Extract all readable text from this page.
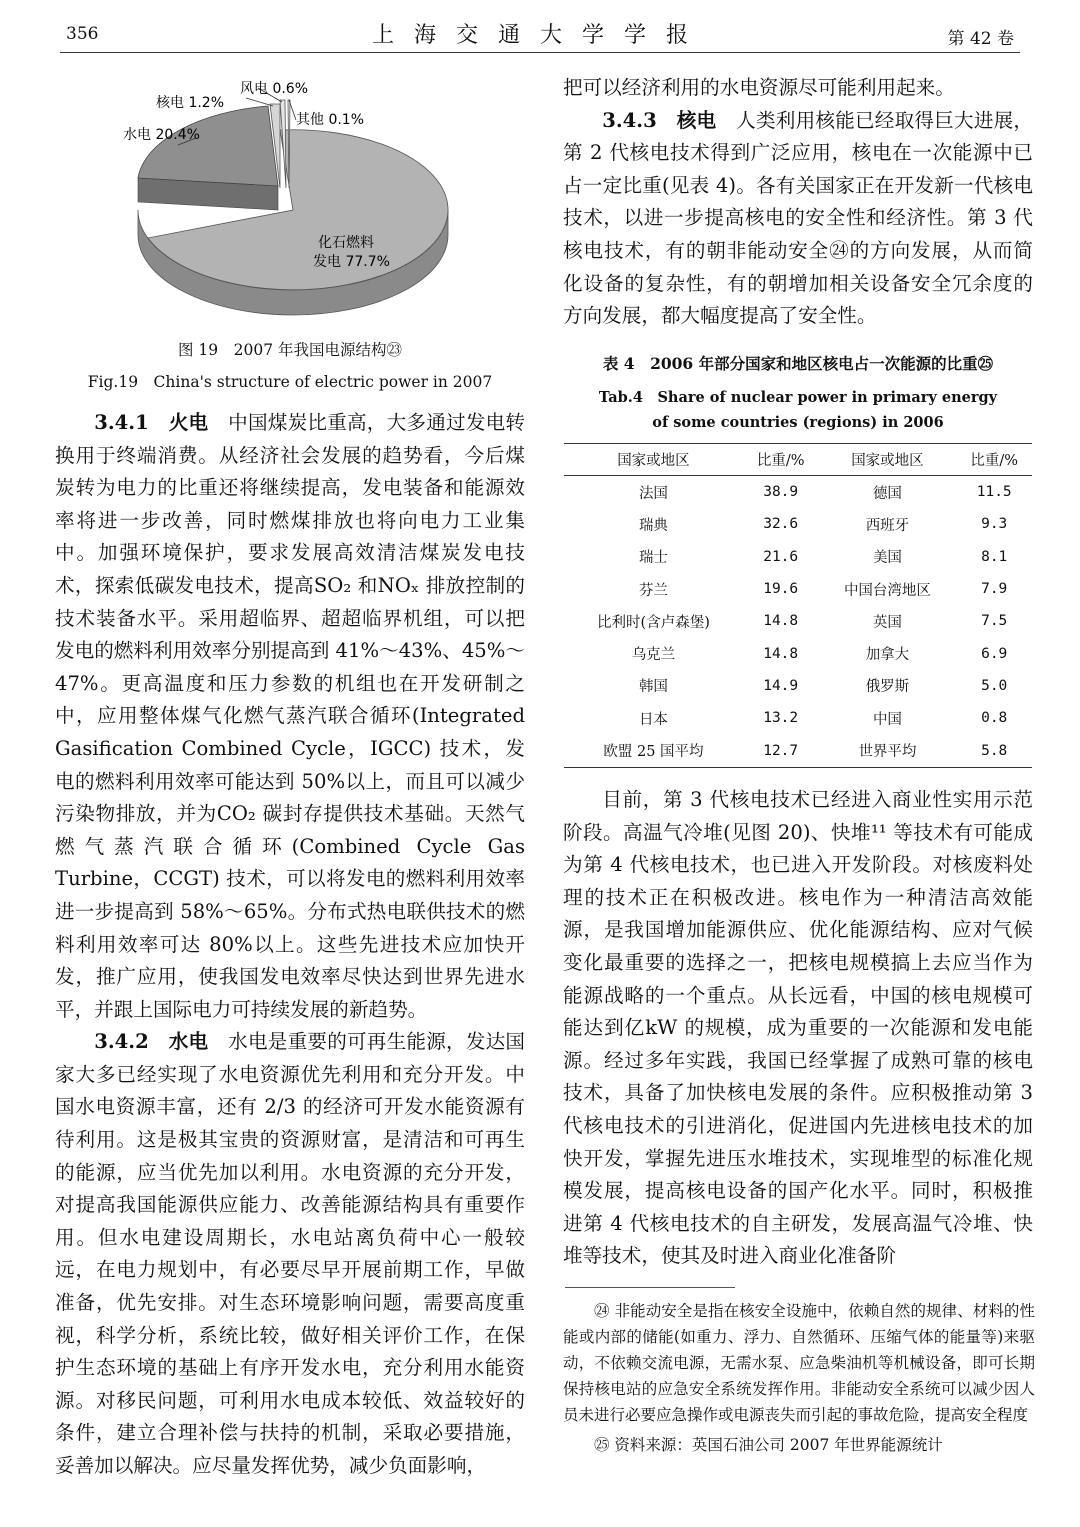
356	上海交通大学学报	第 42 卷
风电 0.6%
核电 1.2%
其他 0.1%
水电 20.4%
化石燃料
发电 77.7%
图 19　2007 年我国电源结构㉓
Fig.19　China's structure of electric power in 2007

3.4.1　火电　 中国煤炭比重高，大多通过发电转换用于终端消费。从经济社会发展的趋势看，今后煤炭转为电力的比重还将继续提高，发电装备和能源效率将进一步改善，同时燃煤排放也将向电力工业集中。加强环境保护，要求发展高效清洁煤炭发电技术，探索低碳发电技术，提高SO₂ 和NOₓ 排放控制的技术装备水平。采用超临界、超超临界机组，可以把发电的燃料利用效率分别提高到 41%～43%、45%～47%。更高温度和压力参数的机组也在开发研制之中，应用整体煤气化燃气蒸汽联合循环(Integrated Gasification Combined Cycle，IGCC) 技术，发电的燃料利用效率可能达到 50%以上，而且可以减少污染物排放，并为CO₂ 碳封存提供技术基础。天然气燃气蒸汽联合循环(Combined Cycle Gas Turbine，CCGT) 技术，可以将发电的燃料利用效率进一步提高到 58%～65%。分布式热电联供技术的燃料利用效率可达 80%以上。这些先进技术应加快开发，推广应用，使我国发电效率尽快达到世界先进水平，并跟上国际电力可持续发展的新趋势。

3.4.2　水电　 水电是重要的可再生能源，发达国家大多已经实现了水电资源优先利用和充分开发。中国水电资源丰富，还有 2/3 的经济可开发水能资源有待利用。这是极其宝贵的资源财富，是清洁和可再生的能源，应当优先加以利用。水电资源的充分开发，对提高我国能源供应能力、改善能源结构具有重要作用。但水电建设周期长，水电站离负荷中心一般较远，在电力规划中，有必要尽早开展前期工作，早做准备，优先安排。对生态环境影响问题，需要高度重视，科学分析，系统比较，做好相关评价工作，在保护生态环境的基础上有序开发水电，充分利用水能资源。对移民问题，可利用水电成本较低、效益较好的条件，建立合理补偿与扶持的机制，采取必要措施，妥善加以解决。应尽量发挥优势，减少负面影响，

把可以经济利用的水电资源尽可能利用起来。

3.4.3　核电　 人类利用核能已经取得巨大进展，第 2 代核电技术得到广泛应用，核电在一次能源中已占一定比重(见表 4)。各有关国家正在开发新一代核电技术，以进一步提高核电的安全性和经济性。第 3 代核电技术，有的朝非能动安全㉔的方向发展，从而简化设备的复杂性，有的朝增加相关设备安全冗余度的方向发展，都大幅度提高了安全性。

表 4　2006 年部分国家和地区核电占一次能源的比重㉕
Tab.4　Share of nuclear power in primary energy
of some countries (regions) in 2006
国家或地区	比重/%	国家或地区	比重/%
法国	38.9	德国	11.5
瑞典	32.6	西班牙	9.3
瑞士	21.6	美国	8.1
芬兰	19.6	中国台湾地区	7.9
比利时(含卢森堡)	14.8	英国	7.5
乌克兰	14.8	加拿大	6.9
韩国	14.9	俄罗斯	5.0
日本	13.2	中国	0.8
欧盟 25 国平均	12.7	世界平均	5.8

目前，第 3 代核电技术已经进入商业性实用示范阶段。高温气冷堆(见图 20)、快堆¹¹ 等技术有可能成为第 4 代核电技术，也已进入开发阶段。对核废料处理的技术正在积极改进。核电作为一种清洁高效能源，是我国增加能源供应、优化能源结构、应对气候变化最重要的选择之一，把核电规模搞上去应当作为能源战略的一个重点。从长远看，中国的核电规模可能达到亿kW 的规模，成为重要的一次能源和发电能源。经过多年实践，我国已经掌握了成熟可靠的核电技术，具备了加快核电发展的条件。应积极推动第 3 代核电技术的引进消化，促进国内先进核电技术的加快开发，掌握先进压水堆技术，实现堆型的标准化规模发展，提高核电设备的国产化水平。同时，积极推进第 4 代核电技术的自主研发，发展高温气冷堆、快堆等技术，使其及时进入商业化准备阶

㉔ 非能动安全是指在核安全设施中，依赖自然的规律、材料的性能或内部的储能(如重力、浮力、自然循环、压缩气体的能量等)来驱动，不依赖交流电源，无需水泵、应急柴油机等机械设备，即可长期保持核电站的应急安全系统发挥作用。非能动安全系统可以减少因人员未进行必要应急操作或电源丧失而引起的事故危险，提高安全程度

㉕ 资料来源：英国石油公司 2007 年世界能源统计
